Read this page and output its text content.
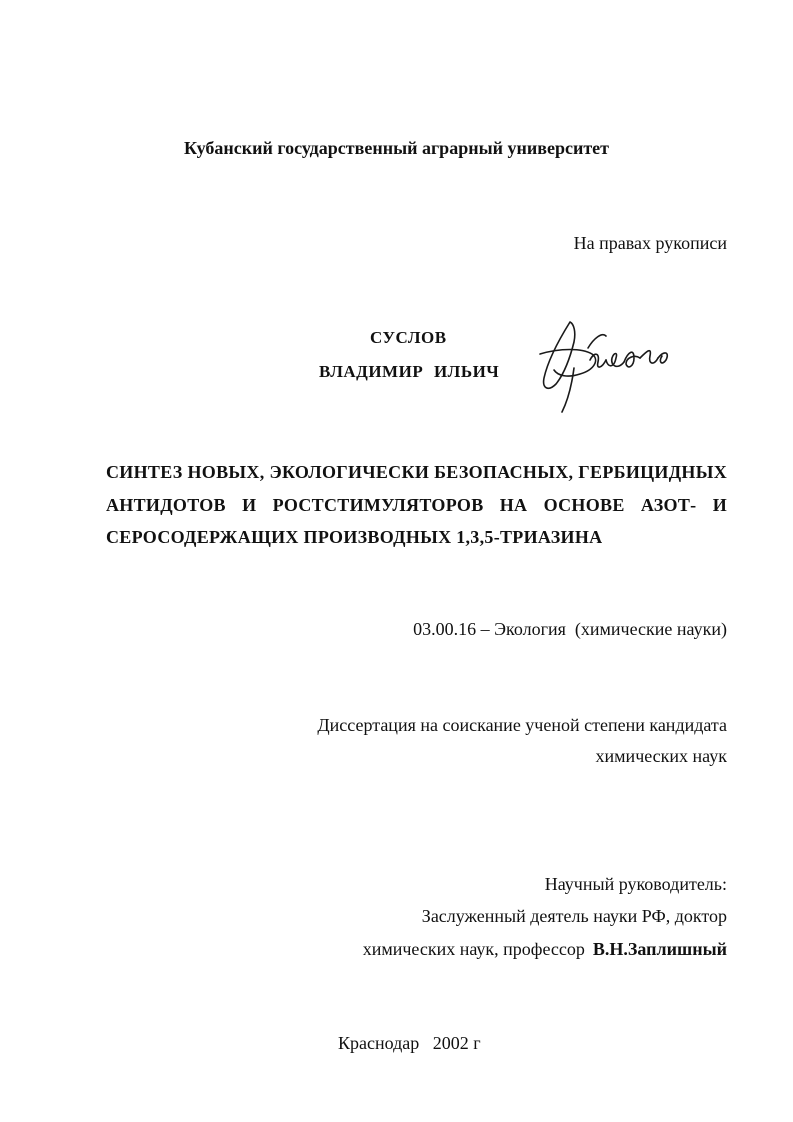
Кубанский государственный аграрный университет
На правах рукописи
СУСЛОВ
ВЛАДИМИР ИЛЬИЧ
СИНТЕЗ НОВЫХ, ЭКОЛОГИЧЕСКИ БЕЗОПАСНЫХ, ГЕРБИЦИДНЫХ АНТИДОТОВ И РОСТСТИМУЛЯТОРОВ НА ОСНОВЕ АЗОТ- И СЕРОСОДЕРЖАЩИХ ПРОИЗВОДНЫХ 1,3,5-ТРИАЗИНА
03.00.16 – Экология  (химические науки)
Диссертация на соискание ученой степени кандидата
химических наук
Научный руководитель:
Заслуженный деятель науки РФ, доктор
химических наук, профессор В.Н.Заплишный
Краснодар   2002 г
